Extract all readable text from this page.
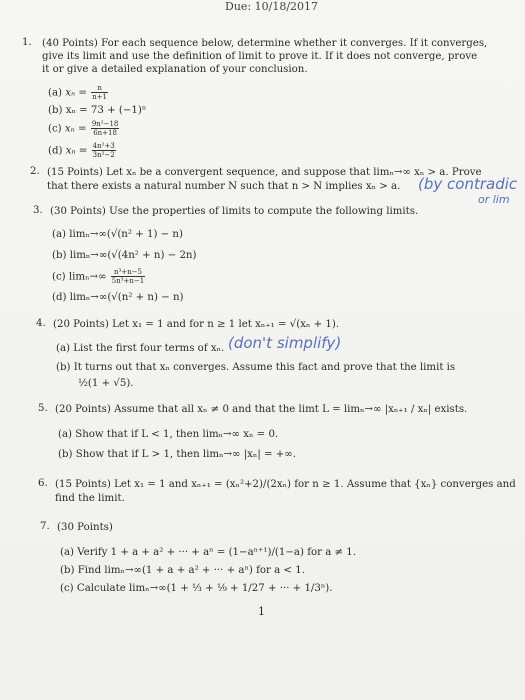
Due: 10/18/2017
1. (40 Points) For each sequence below, determine whether it converges. If it converges,
give its limit and use the definition of limit to prove it. If it does not converge, prove
it or give a detailed explanation of your conclusion.
(a) $x_n = \frac{n}{n+1}$
(b) xₙ = 73 + (−1)ⁿ
(c) $x_n = \frac{\text{9n²−18}}{6n+18}$
(d) $x_n = \frac{\text{4n²+3}}{\text{3n²−2}}$
2. (15 Points) Let xₙ be a convergent sequence, and suppose that limₙ→∞ xₙ > a. Prove
that there exists a natural number N such that n > N implies xₙ > a. (by contradic
or lim
3. (30 Points) Use the properties of limits to compute the following limits.
(a) limₙ→∞(√(n² + 1) − n)
(b) limₙ→∞(√(4n² + n) − 2n)
(c) $\lim_n\to\infty \frac{\text{n³+n−5}}{\text{5n³+n−1}}$
(d) limₙ→∞(√(n² + n) − n)
4. (20 Points) Let x₁ = 1 and for n ≥ 1 let xₙ₊₁ = √(xₙ + 1).
(a) List the first four terms of xₙ. (don't simplify)
(b) It turns out that xₙ converges. Assume this fact and prove that the limit is
½(1 + √5).
5. (20 Points) Assume that all xₙ ≠ 0 and that the limt L = limₙ→∞ |xₙ₊₁ / xₙ| exists.
(a) Show that if L < 1, then limₙ→∞ xₙ = 0.
(b) Show that if L > 1, then limₙ→∞ |xₙ| = +∞.
6. (15 Points) Let x₁ = 1 and xₙ₊₁ = (xₙ²+2)/(2xₙ) for n ≥ 1. Assume that {xₙ} converges and
find the limit.
7. (30 Points)
(a) Verify 1 + a + a² + ··· + aⁿ = (1−aⁿ⁺¹)/(1−a) for a ≠ 1.
(b) Find limₙ→∞(1 + a + a² + ··· + aⁿ) for a < 1.
(c) Calculate limₙ→∞(1 + ⅓ + ⅑ + 1/27 + ··· + 1/3ⁿ).
1
